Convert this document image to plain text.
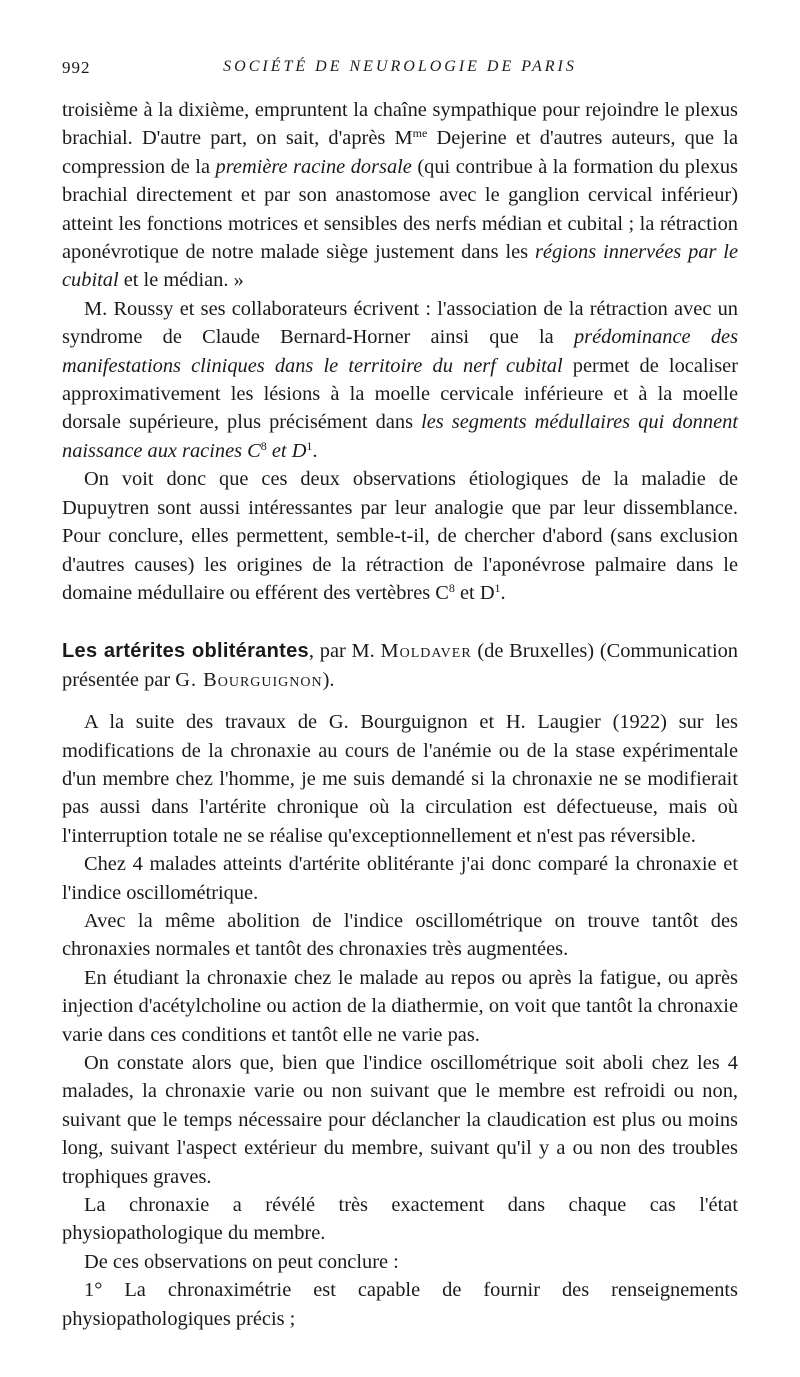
992	SOCIÉTÉ DE NEUROLOGIE DE PARIS

troisième à la dixième, empruntent la chaîne sympathique pour rejoindre le plexus brachial. D'autre part, on sait, d'après $M^{me}$ Dejerine et d'autres auteurs, que la compression de la première racine dorsale (qui contribue à la formation du plexus brachial directement et par son anastomose avec le ganglion cervical inférieur) atteint les fonctions motrices et sensibles des nerfs médian et cubital ; la rétraction aponévrotique de notre malade siège justement dans les régions innervées par le cubital et le médian. »

M. Roussy et ses collaborateurs écrivent : l'association de la rétraction avec un syndrome de Claude Bernard-Horner ainsi que la prédominance des manifestations cliniques dans le territoire du nerf cubital permet de localiser approximativement les lésions à la moelle cervicale inférieure et à la moelle dorsale supérieure, plus précisément dans les segments médullaires qui donnent naissance aux racines $C^8$ et $D^1$.

On voit donc que ces deux observations étiologiques de la maladie de Dupuytren sont aussi intéressantes par leur analogie que par leur dissemblance. Pour conclure, elles permettent, semble-t-il, de chercher d'abord (sans exclusion d'autres causes) les origines de la rétraction de l'aponévrose palmaire dans le domaine médullaire ou efférent des vertèbres $C^8$ et $D^1$.

Les artérites oblitérantes, par M. Moldaver (de Bruxelles) (Communication présentée par G. Bourguignon).

A la suite des travaux de G. Bourguignon et H. Laugier (1922) sur les modifications de la chronaxie au cours de l'anémie ou de la stase expérimentale d'un membre chez l'homme, je me suis demandé si la chronaxie ne se modifierait pas aussi dans l'artérite chronique où la circulation est défectueuse, mais où l'interruption totale ne se réalise qu'exceptionnellement et n'est pas réversible.

Chez 4 malades atteints d'artérite oblitérante j'ai donc comparé la chronaxie et l'indice oscillométrique.

Avec la même abolition de l'indice oscillométrique on trouve tantôt des chronaxies normales et tantôt des chronaxies très augmentées.

En étudiant la chronaxie chez le malade au repos ou après la fatigue, ou après injection d'acétylcholine ou action de la diathermie, on voit que tantôt la chronaxie varie dans ces conditions et tantôt elle ne varie pas.

On constate alors que, bien que l'indice oscillométrique soit aboli chez les 4 malades, la chronaxie varie ou non suivant que le membre est refroidi ou non, suivant que le temps nécessaire pour déclancher la claudication est plus ou moins long, suivant l'aspect extérieur du membre, suivant qu'il y a ou non des troubles trophiques graves.

La chronaxie a révélé très exactement dans chaque cas l'état physiopathologique du membre.

De ces observations on peut conclure :

1° La chronaximétrie est capable de fournir des renseignements physiopathologiques précis ;
